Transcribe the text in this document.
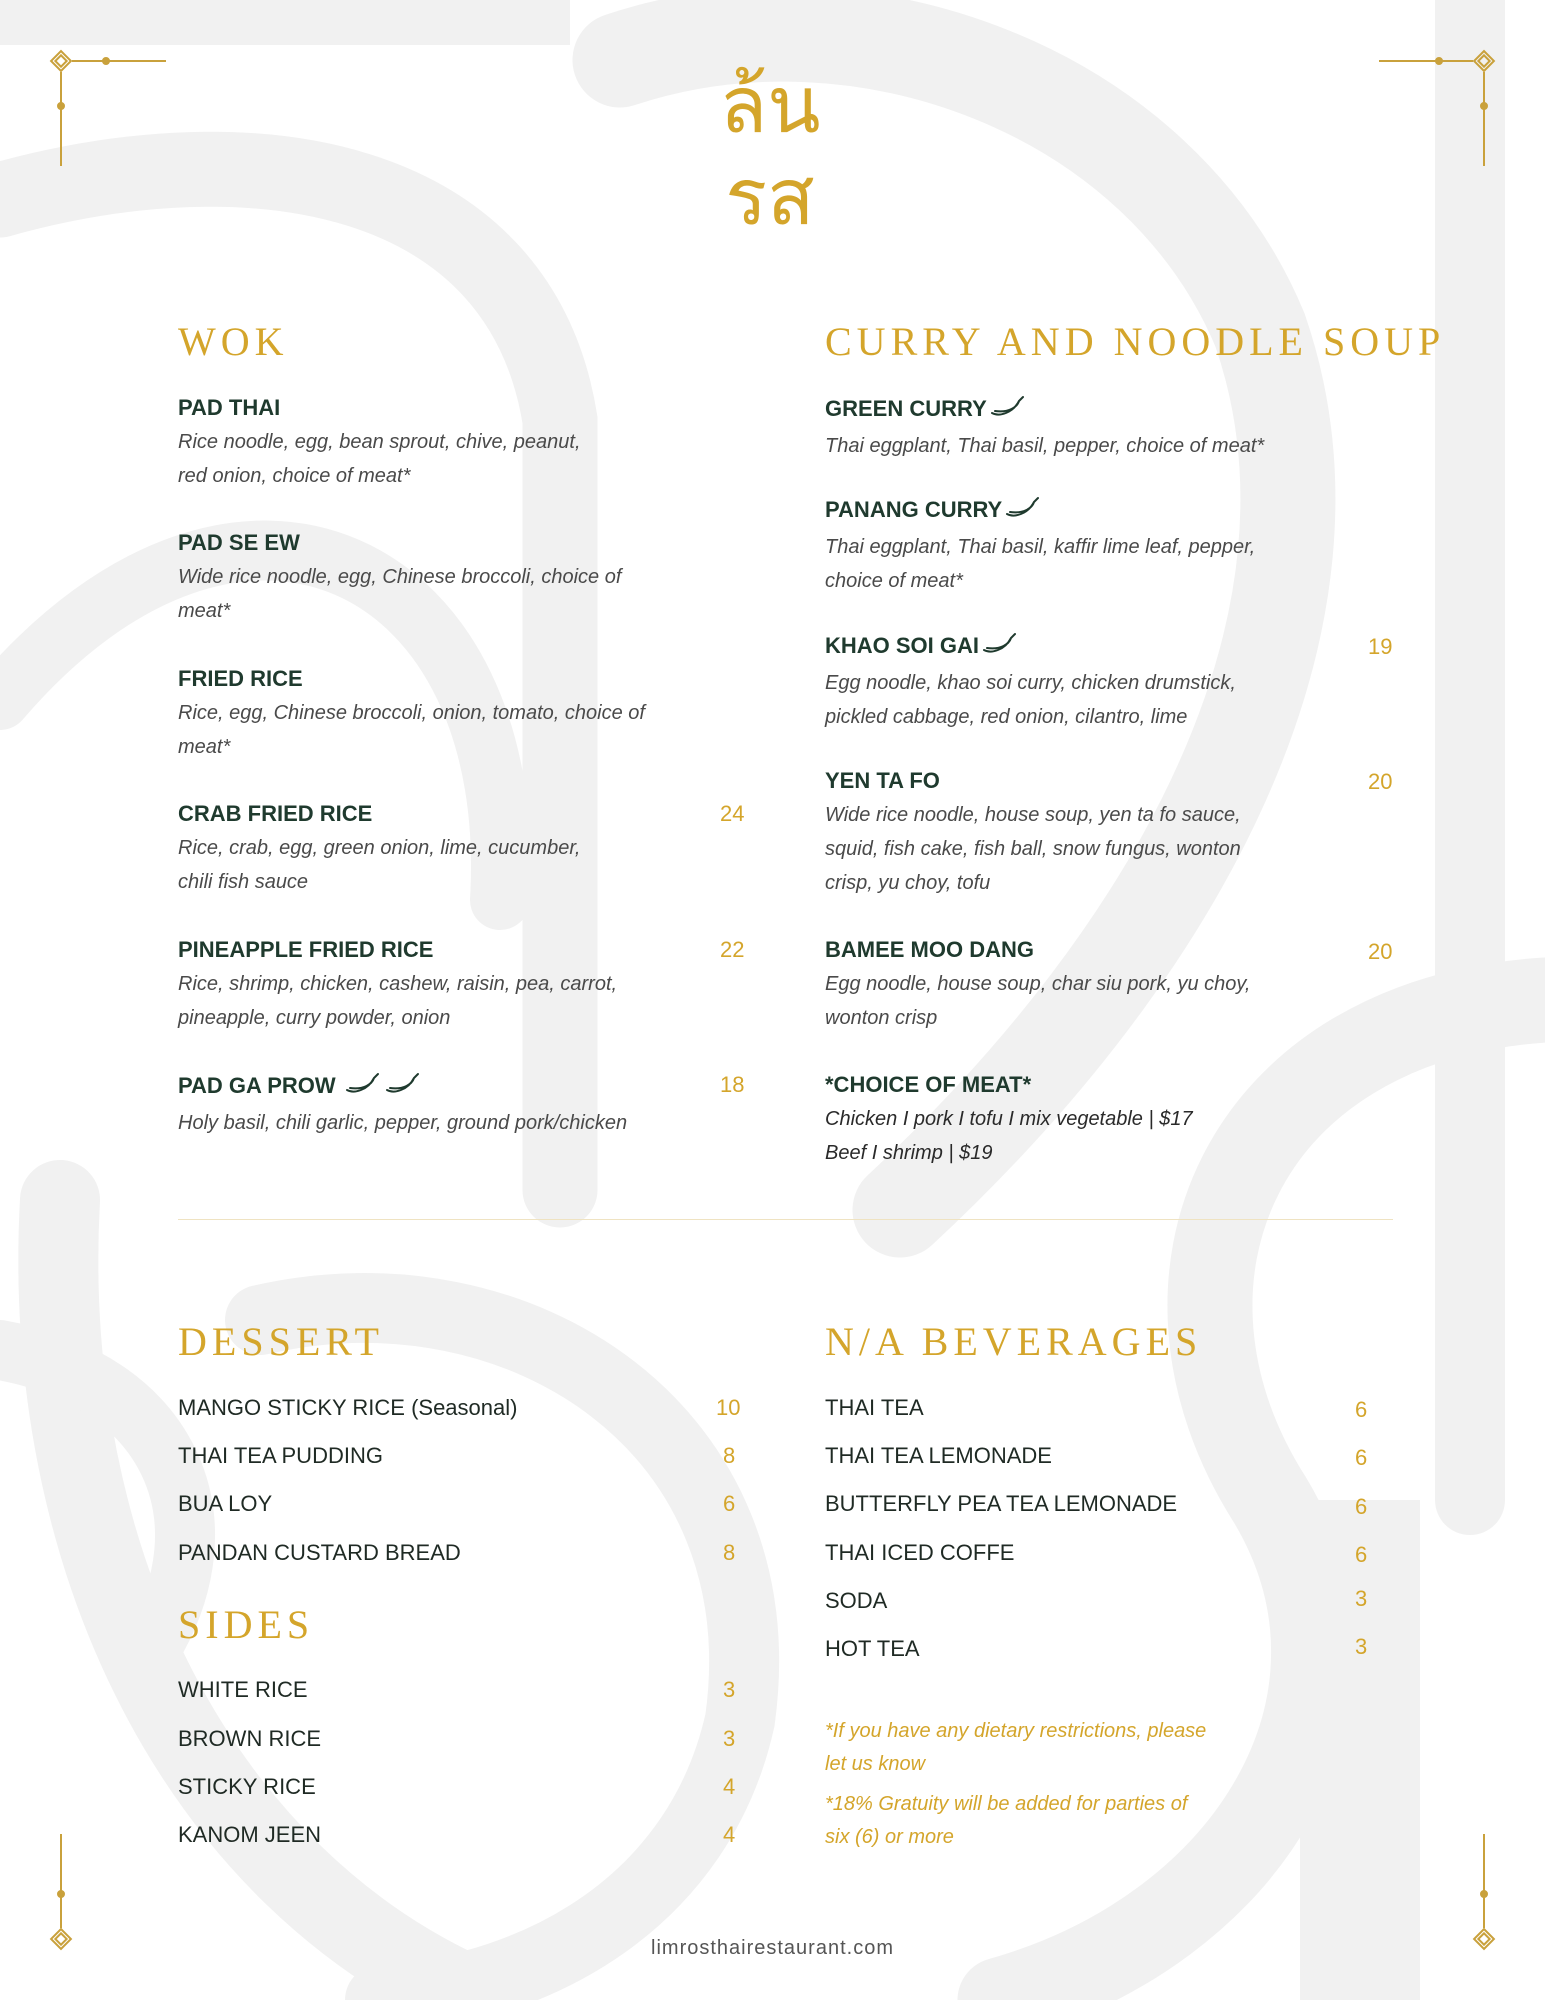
ล้นรส
WOK
PAD THAI
Rice noodle, egg, bean sprout, chive, peanut,
red onion, choice of meat*
PAD SE EW
Wide rice noodle, egg, Chinese broccoli, choice of
meat*
FRIED RICE
Rice, egg, Chinese broccoli, onion, tomato, choice of
meat*
CRAB FRIED RICE
Rice, crab, egg, green onion, lime, cucumber,
chili fish sauce
24
PINEAPPLE FRIED RICE
Rice, shrimp, chicken, cashew, raisin, pea, carrot,
pineapple, curry powder, onion
22
PAD GA PROW
Holy basil, chili garlic, pepper, ground pork/chicken
18
CURRY AND NOODLE SOUP
GREEN CURRY
Thai eggplant, Thai basil, pepper, choice of meat*
PANANG CURRY
Thai eggplant, Thai basil, kaffir lime leaf, pepper,
choice of meat*
KHAO SOI GAI
Egg noodle, khao soi curry, chicken drumstick,
pickled cabbage, red onion, cilantro, lime
19
YEN TA FO
Wide rice noodle, house soup, yen ta fo sauce,
squid, fish cake, fish ball, snow fungus, wonton
crisp, yu choy, tofu
20
BAMEE MOO DANG
Egg noodle, house soup, char siu pork, yu choy,
wonton crisp
20
*CHOICE OF MEAT*
Chicken I pork I tofu I mix vegetable | $17
Beef I shrimp | $19
DESSERT
MANGO STICKY RICE (Seasonal)	10
THAI TEA PUDDING	8
BUA LOY	6
PANDAN CUSTARD BREAD	8
SIDES
WHITE RICE	3
BROWN RICE	3
STICKY RICE	4
KANOM JEEN	4
N/A BEVERAGES
THAI TEA	6
THAI TEA LEMONADE	6
BUTTERFLY PEA TEA LEMONADE	6
THAI ICED COFFE	6
SODA	3
HOT TEA	3
*If you have any dietary restrictions, please
let us know
*18% Gratuity will be added for parties of
six (6) or more
limrosthairestaurant.com
